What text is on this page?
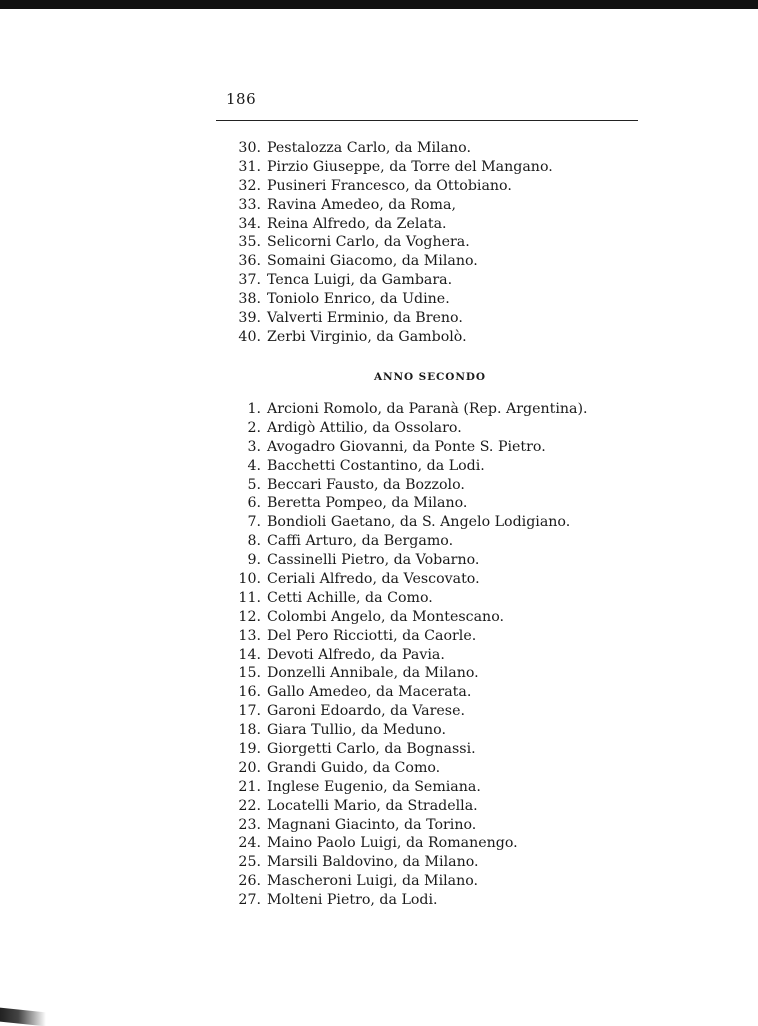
186
30. Pestalozza Carlo, da Milano.
31. Pirzio Giuseppe, da Torre del Mangano.
32. Pusineri Francesco, da Ottobiano.
33. Ravina Amedeo, da Roma,
34. Reina Alfredo, da Zelata.
35. Selicorni Carlo, da Voghera.
36. Somaini Giacomo, da Milano.
37. Tenca Luigi, da Gambara.
38. Toniolo Enrico, da Udine.
39. Valverti Erminio, da Breno.
40. Zerbi Virginio, da Gambolò.
ANNO SECONDO
1. Arcioni Romolo, da Paranà (Rep. Argentina).
2. Ardigò Attilio, da Ossolaro.
3. Avogadro Giovanni, da Ponte S. Pietro.
4. Bacchetti Costantino, da Lodi.
5. Beccari Fausto, da Bozzolo.
6. Beretta Pompeo, da Milano.
7. Bondioli Gaetano, da S. Angelo Lodigiano.
8. Caffi Arturo, da Bergamo.
9. Cassinelli Pietro, da Vobarno.
10. Ceriali Alfredo, da Vescovato.
11. Cetti Achille, da Como.
12. Colombi Angelo, da Montescano.
13. Del Pero Ricciotti, da Caorle.
14. Devoti Alfredo, da Pavia.
15. Donzelli Annibale, da Milano.
16. Gallo Amedeo, da Macerata.
17. Garoni Edoardo, da Varese.
18. Giara Tullio, da Meduno.
19. Giorgetti Carlo, da Bognassi.
20. Grandi Guido, da Como.
21. Inglese Eugenio, da Semiana.
22. Locatelli Mario, da Stradella.
23. Magnani Giacinto, da Torino.
24. Maino Paolo Luigi, da Romanengo.
25. Marsili Baldovino, da Milano.
26. Mascheroni Luigi, da Milano.
27. Molteni Pietro, da Lodi.
